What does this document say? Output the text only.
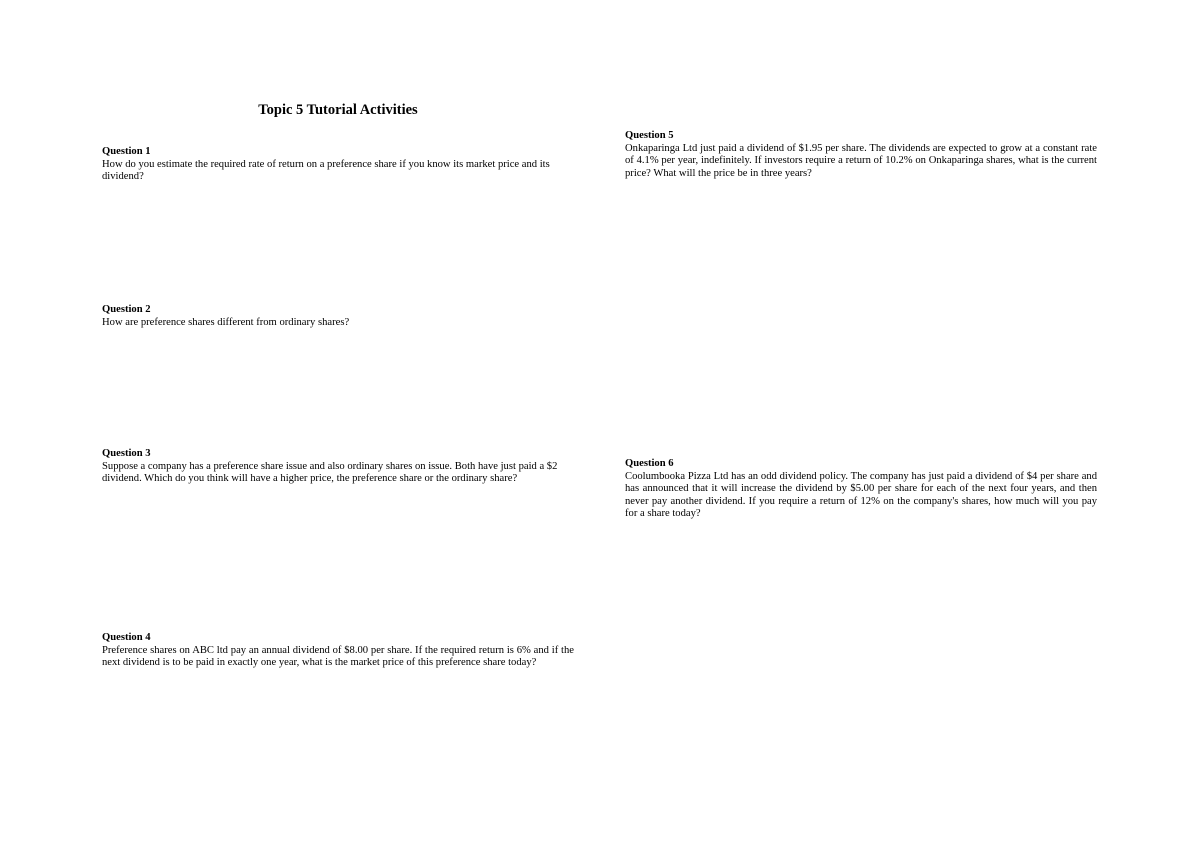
Topic 5 Tutorial Activities

Question 1

How do you estimate the required rate of return on a preference share if you know its market price and its dividend?

Question 2

How are preference shares different from ordinary shares?

Question 3

Suppose a company has a preference share issue and also ordinary shares on issue. Both have just paid a $2 dividend. Which do you think will have a higher price, the preference share or the ordinary share?

Question 4

Preference shares on ABC ltd pay an annual dividend of $8.00 per share. If the required return is 6% and if the next dividend is to be paid in exactly one year, what is the market price of this preference share today?

Question 5

Onkaparinga Ltd just paid a dividend of $1.95 per share. The dividends are expected to grow at a constant rate of 4.1% per year, indefinitely. If investors require a return of 10.2% on Onkaparinga shares, what is the current price? What will the price be in three years?

Question 6

Coolumbooka Pizza Ltd has an odd dividend policy. The company has just paid a dividend of $4 per share and has announced that it will increase the dividend by $5.00 per share for each of the next four years, and then never pay another dividend. If you require a return of 12% on the company's shares, how much will you pay for a share today?
